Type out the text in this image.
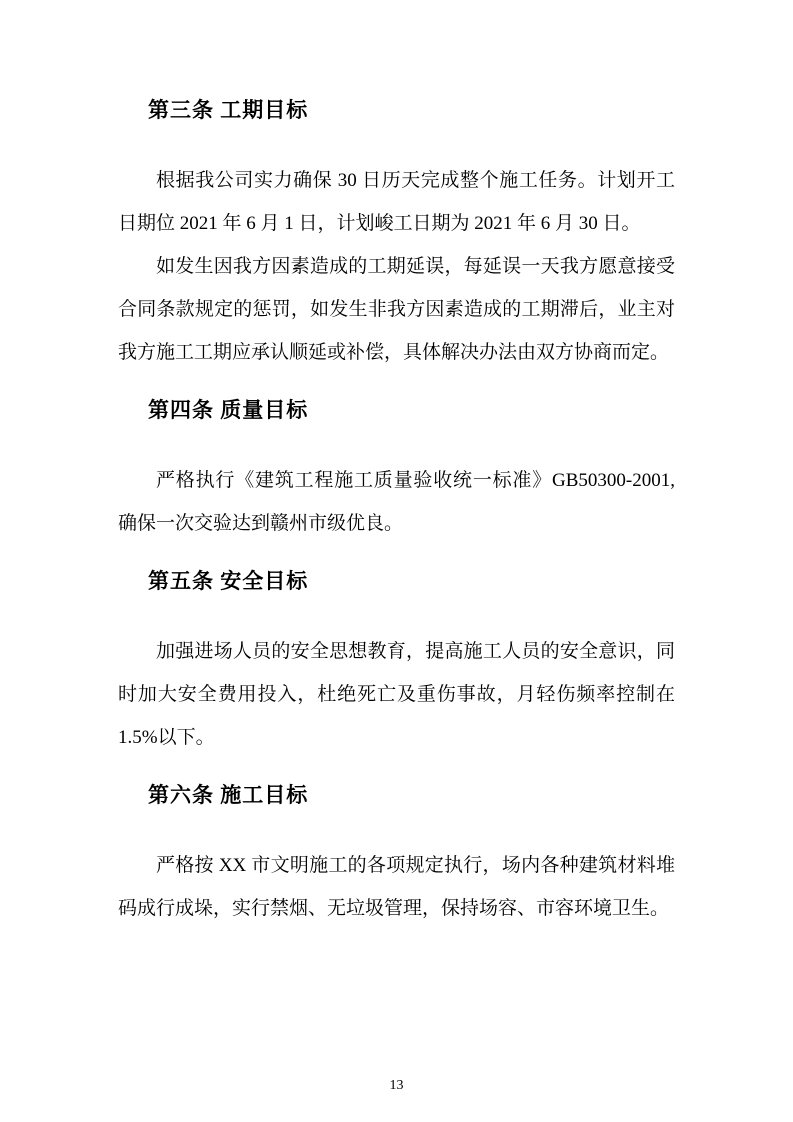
第三条 工期目标

根据我公司实力确保 30 日历天完成整个施工任务。计划开工日期位 2021 年 6 月 1 日，计划峻工日期为 2021 年 6 月 30 日。

如发生因我方因素造成的工期延误，每延误一天我方愿意接受合同条款规定的惩罚，如发生非我方因素造成的工期滞后，业主对我方施工工期应承认顺延或补偿，具体解决办法由双方协商而定。

第四条 质量目标

严格执行《建筑工程施工质量验收统一标准》GB50300-2001,确保一次交验达到赣州市级优良。

第五条 安全目标

加强进场人员的安全思想教育，提高施工人员的安全意识，同时加大安全费用投入，杜绝死亡及重伤事故，月轻伤频率控制在 1.5%以下。

第六条 施工目标

严格按 XX 市文明施工的各项规定执行，场内各种建筑材料堆码成行成垛，实行禁烟、无垃圾管理，保持场容、市容环境卫生。

13
